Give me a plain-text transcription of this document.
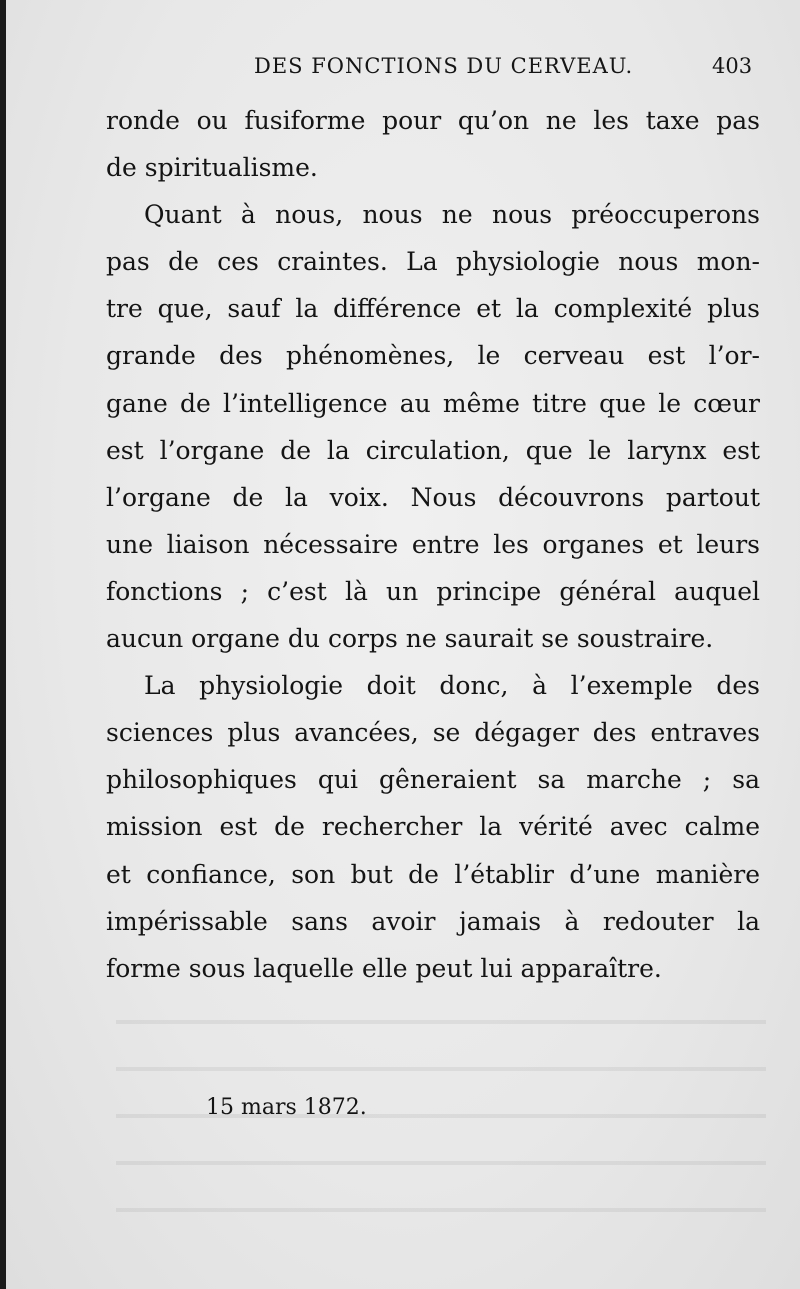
DES FONCTIONS DU CERVEAU.	403
ronde ou fusiforme pour qu’on ne les taxe pas
de spiritualisme.
Quant à nous, nous ne nous préoccuperons
pas de ces craintes. La physiologie nous mon-
tre que, sauf la différence et la complexité plus
grande des phénomènes, le cerveau est l’or-
gane de l’intelligence au même titre que le cœur
est l’organe de la circulation, que le larynx est
l’organe de la voix. Nous découvrons partout
une liaison nécessaire entre les organes et leurs
fonctions ; c’est là un principe général auquel
aucun organe du corps ne saurait se soustraire.
La physiologie doit donc, à l’exemple des
sciences plus avancées, se dégager des entraves
philosophiques qui gêneraient sa marche ; sa
mission est de rechercher la vérité avec calme
et confiance, son but de l’établir d’une manière
impérissable sans avoir jamais à redouter la
forme sous laquelle elle peut lui apparaître.
15 mars 1872.
